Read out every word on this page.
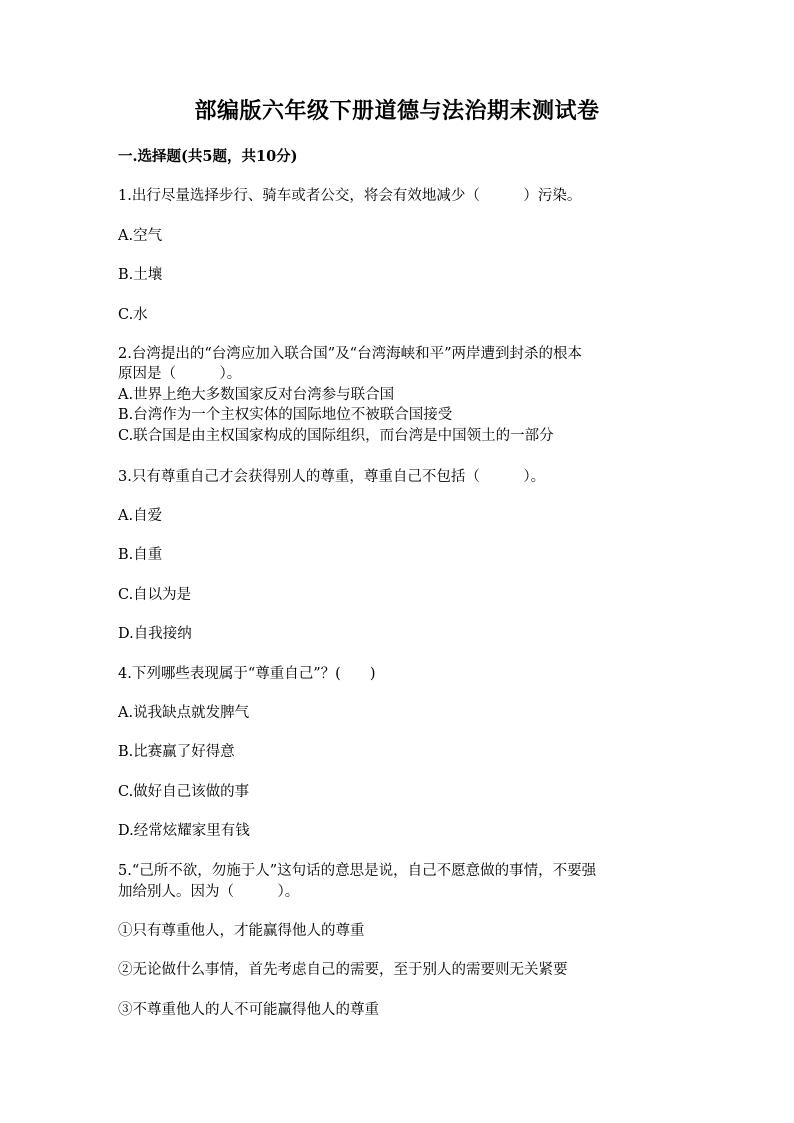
部编版六年级下册道德与法治期末测试卷
一.选择题(共5题，共10分)
1.出行尽量选择步行、骑车或者公交，将会有效地减少（　　　）污染。
A.空气
B.土壤
C.水
2.台湾提出的“台湾应加入联合国”及“台湾海峡和平”两岸遭到封杀的根本
原因是（　　　）。
A.世界上绝大多数国家反对台湾参与联合国
B.台湾作为一个主权实体的国际地位不被联合国接受
C.联合国是由主权国家构成的国际组织，而台湾是中国领土的一部分
3.只有尊重自己才会获得别人的尊重，尊重自己不包括（　　　）。
A.自爱
B.自重
C.自以为是
D.自我接纳
4.下列哪些表现属于“尊重自己”？(　　)
A.说我缺点就发脾气
B.比赛赢了好得意
C.做好自己该做的事
D.经常炫耀家里有钱
5.“己所不欲，勿施于人”这句话的意思是说，自己不愿意做的事情，不要强
加给别人。因为（　　　）。
①只有尊重他人，才能赢得他人的尊重
②无论做什么事情，首先考虑自己的需要，至于别人的需要则无关紧要
③不尊重他人的人不可能赢得他人的尊重
